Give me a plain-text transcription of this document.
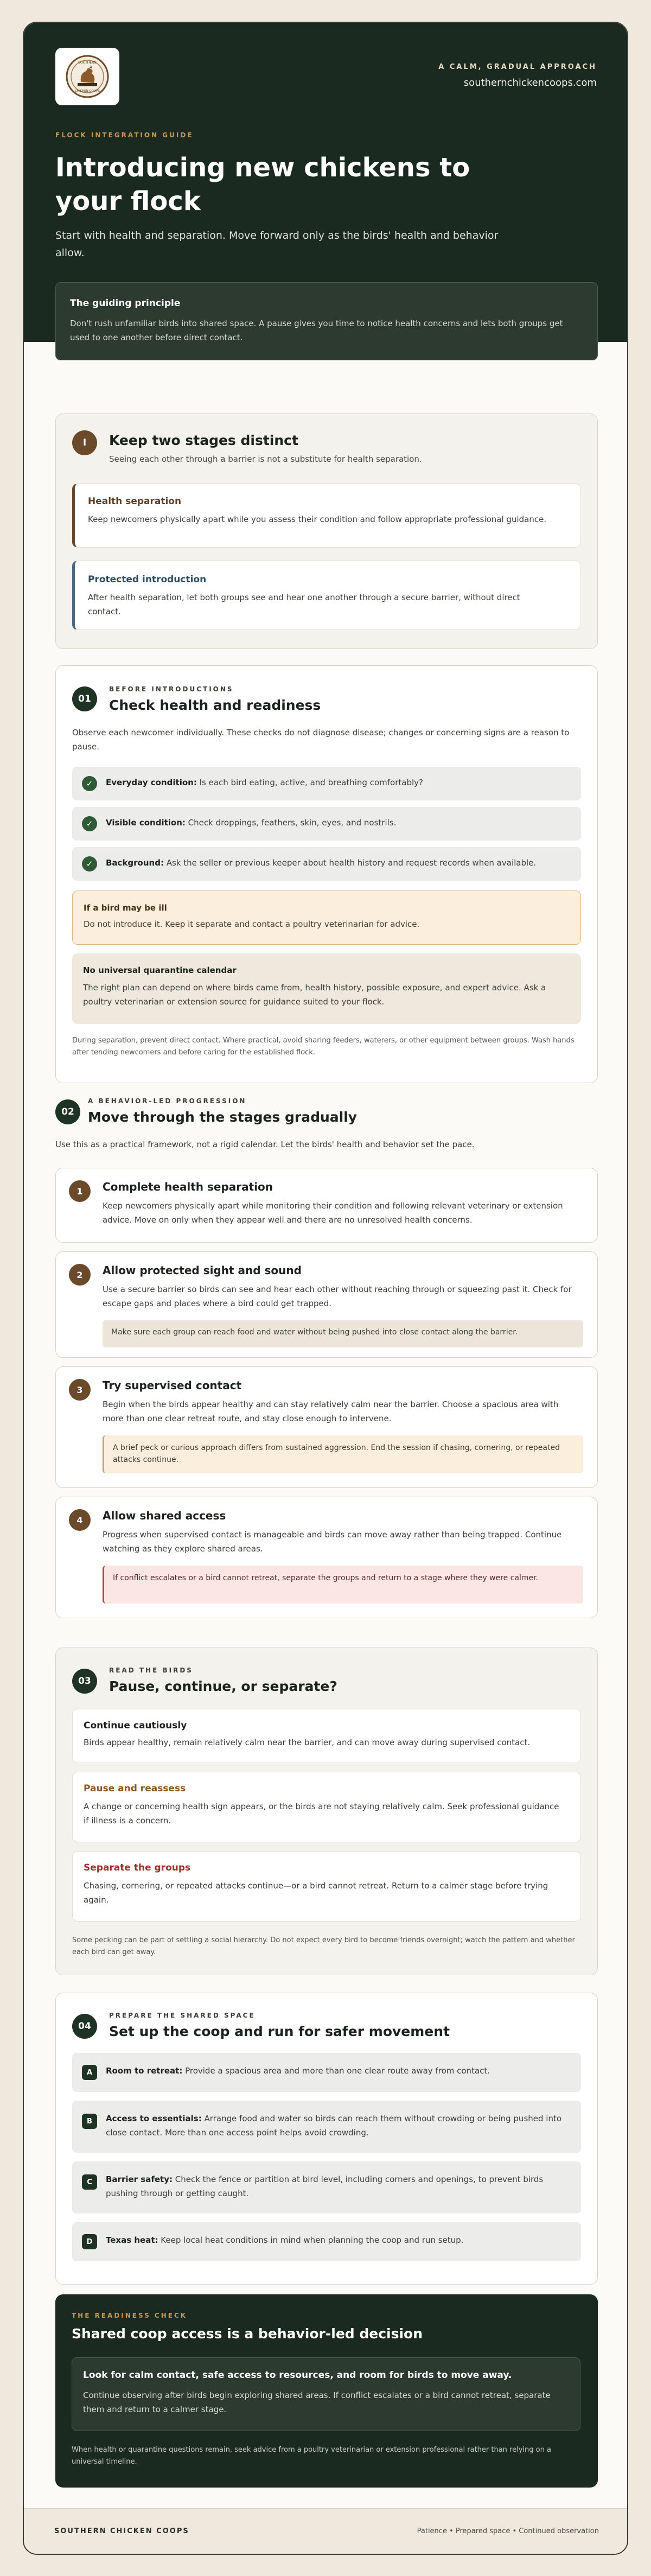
SOUTHERN
CHICKEN COOPS
A CALM, GRADUAL APPROACH
southernchickencoops.com
FLOCK INTEGRATION GUIDE
Introducing new chickens to your flock
Start with health and separation. Move forward only as the birds' health and behavior allow.
The guiding principle

Don't rush unfamiliar birds into shared space. A pause gives you time to notice health concerns and lets both groups get used to one another before direct contact.

I	Keep two stages distinct
Seeing each other through a barrier is not a substitute for health separation.
Health separation
Keep newcomers physically apart while you assess their condition and follow appropriate professional guidance.
Protected introduction
After health separation, let both groups see and hear one another through a secure barrier, without direct contact.
01
BEFORE INTRODUCTIONS
Check health and readiness
Observe each newcomer individually. These checks do not diagnose disease; changes or concerning signs are a reason to pause.
✓	Everyday condition: Is each bird eating, active, and breathing comfortably?
✓	Visible condition: Check droppings, feathers, skin, eyes, and nostrils.
✓	Background: Ask the seller or previous keeper about health history and request records when available.
If a bird may be ill
Do not introduce it. Keep it separate and contact a poultry veterinarian for advice.
No universal quarantine calendar
The right plan can depend on where birds came from, health history, possible exposure, and expert advice. Ask a poultry veterinarian or extension source for guidance suited to your flock.
During separation, prevent direct contact. Where practical, avoid sharing feeders, waterers, or other equipment between groups. Wash hands after tending newcomers and before caring for the established flock.
02
A BEHAVIOR-LED PROGRESSION
Move through the stages gradually
Use this as a practical framework, not a rigid calendar. Let the birds' health and behavior set the pace.
1	Complete health separation
Keep newcomers physically apart while monitoring their condition and following relevant veterinary or extension advice. Move on only when they appear well and there are no unresolved health concerns.
2	Allow protected sight and sound
Use a secure barrier so birds can see and hear each other without reaching through or squeezing past it. Check for escape gaps and places where a bird could get trapped.
Make sure each group can reach food and water without being pushed into close contact along the barrier.
3	Try supervised contact
Begin when the birds appear healthy and can stay relatively calm near the barrier. Choose a spacious area with more than one clear retreat route, and stay close enough to intervene.
A brief peck or curious approach differs from sustained aggression. End the session if chasing, cornering, or repeated attacks continue.
4	Allow shared access
Progress when supervised contact is manageable and birds can move away rather than being trapped. Continue watching as they explore shared areas.
If conflict escalates or a bird cannot retreat, separate the groups and return to a stage where they were calmer.
03
READ THE BIRDS
Pause, continue, or separate?
Continue cautiously
Birds appear healthy, remain relatively calm near the barrier, and can move away during supervised contact.
Pause and reassess
A change or concerning health sign appears, or the birds are not staying relatively calm. Seek professional guidance if illness is a concern.
Separate the groups
Chasing, cornering, or repeated attacks continue—or a bird cannot retreat. Return to a calmer stage before trying again.
Some pecking can be part of settling a social hierarchy. Do not expect every bird to become friends overnight; watch the pattern and whether each bird can get away.
04
PREPARE THE SHARED SPACE
Set up the coop and run for safer movement
A	Room to retreat: Provide a spacious area and more than one clear route away from contact.
B	Access to essentials: Arrange food and water so birds can reach them without crowding or being pushed into close contact. More than one access point helps avoid crowding.
C	Barrier safety: Check the fence or partition at bird level, including corners and openings, to prevent birds pushing through or getting caught.
D	Texas heat: Keep local heat conditions in mind when planning the coop and run setup.
THE READINESS CHECK
Shared coop access is a behavior-led decision
Look for calm contact, safe access to resources, and room for birds to move away.
Continue observing after birds begin exploring shared areas. If conflict escalates or a bird cannot retreat, separate them and return to a calmer stage.
When health or quarantine questions remain, seek advice from a poultry veterinarian or extension professional rather than relying on a universal timeline.
SOUTHERN CHICKEN COOPS	Patience • Prepared space • Continued observation
